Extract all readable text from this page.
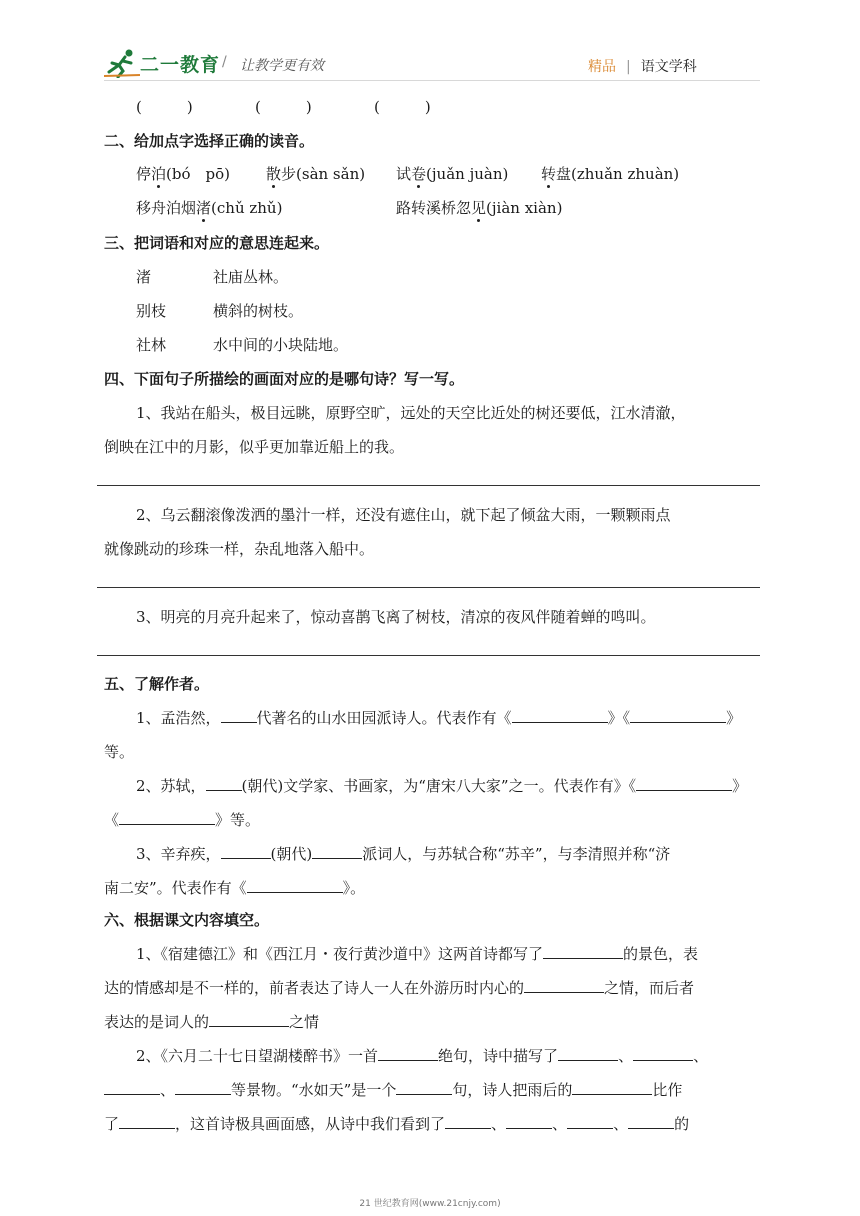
二一教育 / 让教学更有效	精品 | 语文学科
(　　　)	(　　　)	(　　　)
二、给加点字选择正确的读音。
停泊(bó　pō) 散步(sàn sǎn) 试卷(juǎn juàn) 转盘(zhuǎn zhuàn)
移舟泊烟渚(chǔ zhǔ)	路转溪桥忽见(jiàn xiàn)
三、把词语和对应的意思连起来。
渚	社庙丛林。
别枝	横斜的树枝。
社林	水中间的小块陆地。
四、下面句子所描绘的画面对应的是哪句诗？写一写。
1、我站在船头，极目远眺，原野空旷，远处的天空比近处的树还要低，江水清澈，
倒映在江中的月影，似乎更加靠近船上的我。
2、乌云翻滚像泼洒的墨汁一样，还没有遮住山，就下起了倾盆大雨，一颗颗雨点
就像跳动的珍珠一样，杂乱地落入船中。
3、明亮的月亮升起来了，惊动喜鹊飞离了树枝，清凉的夜风伴随着蝉的鸣叫。
五、了解作者。
1、孟浩然， 代著名的山水田园派诗人。代表作有《	》《	》
等。
2、苏轼， (朝代)文学家、书画家，为“唐宋八大家”之一。代表作有》《	》
《	》等。
3、辛弃疾，	(朝代)	派词人，与苏轼合称“苏辛”，与李清照并称“济
南二安”。代表作有《	》。
六、根据课文内容填空。
1、《宿建德江》和《西江月・夜行黄沙道中》这两首诗都写了	的景色，表
达的情感却是不一样的，前者表达了诗人一人在外游历时内心的	之情，而后者
表达的是词人的	之情
2、《六月二十七日望湖楼醉书》一首	绝句，诗中描写了	、	、
、	等景物。“水如天”是一个	句，诗人把雨后的	比作
了	，这首诗极具画面感，从诗中我们看到了	、	、	、	的
21 世纪教育网(www.21cnjy.com)
